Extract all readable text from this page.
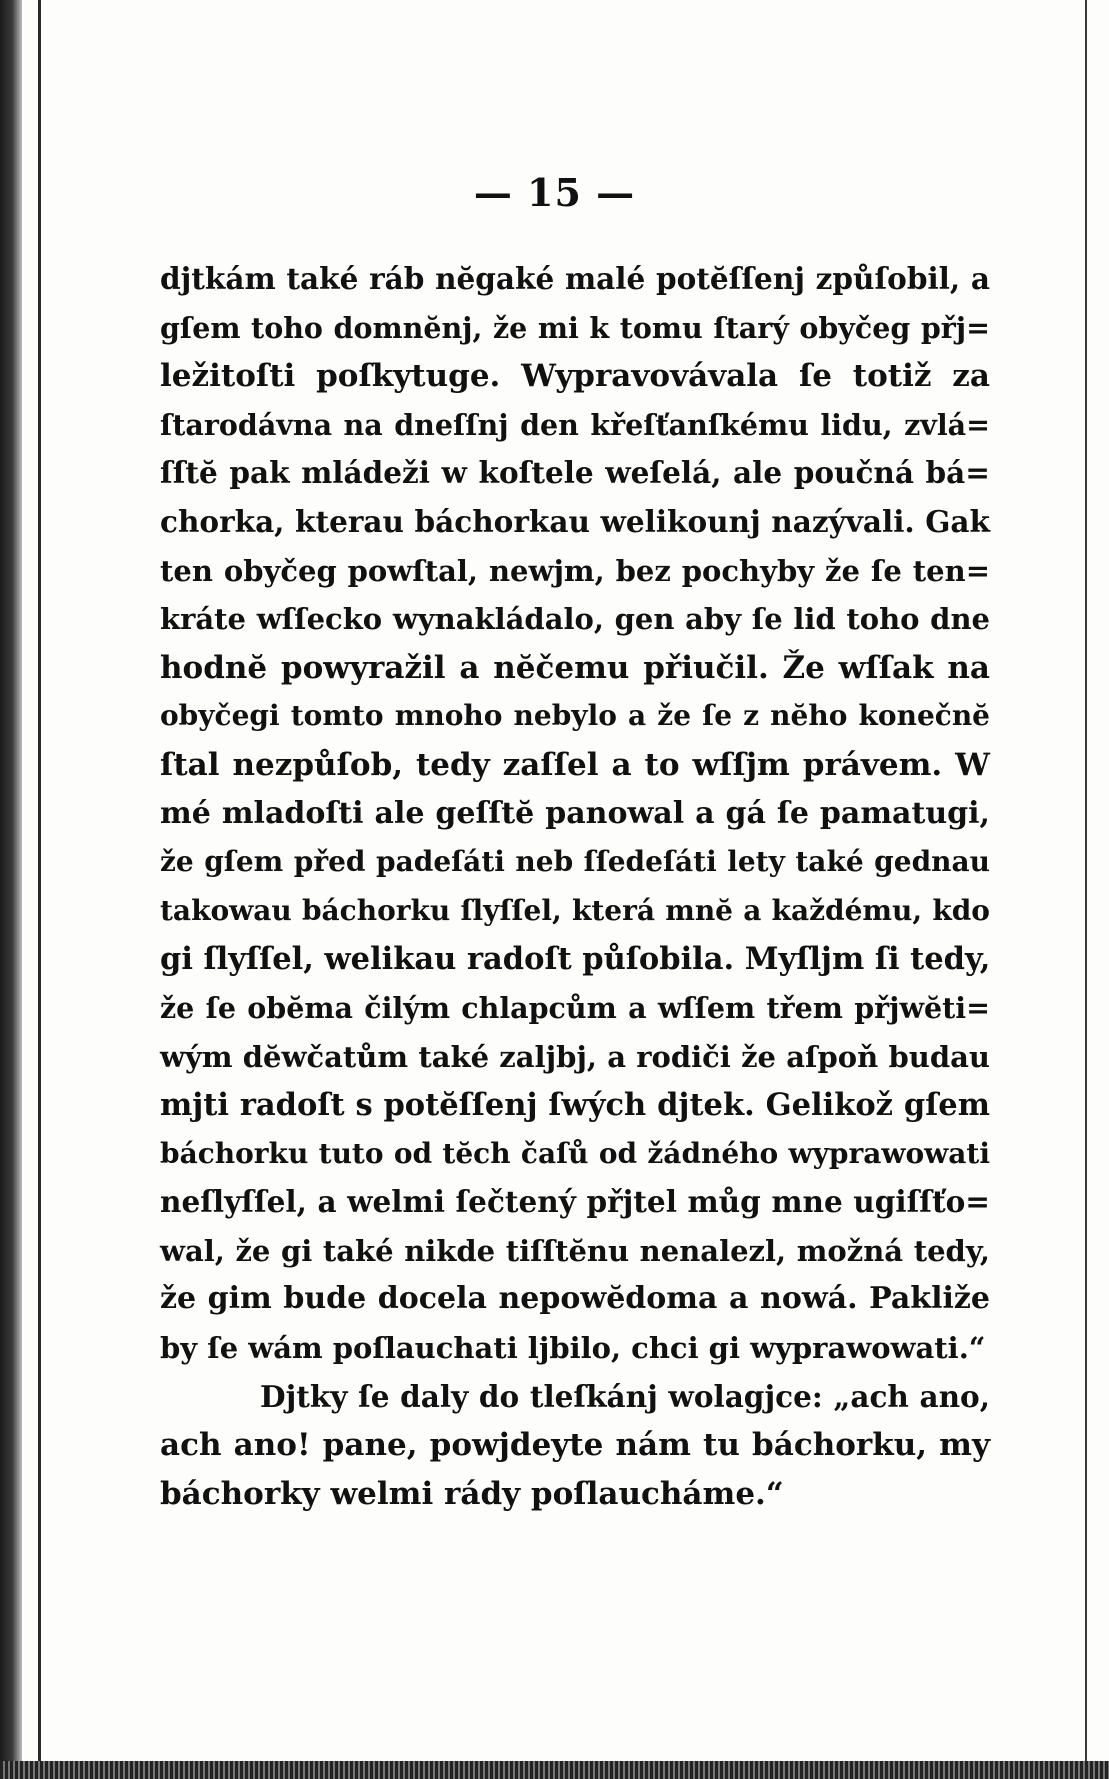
— 15 —
djtkám také ráb nĕgaké malé potĕſſenj způſobil, a
gſem toho domnĕnj, že mi k tomu ſtarý obyčeg přj=
ležitoſti poſkytuge. Wypravovávala ſe totiž za
ſtarodávna na dneſſnj den křeſťanſkému lidu, zvlá=
ſſtĕ pak mládeži w koſtele weſelá, ale poučná bá=
chorka, kterau báchorkau welikounj nazývali. Gak
ten obyčeg powſtal, newjm, bez pochyby že ſe ten=
kráte wſſecko wynakládalo, gen aby ſe lid toho dne
hodnĕ powyražil a nĕčemu přiučil. Že wſſak na
obyčegi tomto mnoho nebylo a že ſe z nĕho konečnĕ
ſtal nezpůſob, tedy zaſſel a to wſſjm právem. W
mé mladoſti ale geſſtĕ panowal a gá ſe pamatugi,
že gſem před padeſáti neb ſſedeſáti lety také gednau
takowau báchorku ſlyſſel, která mnĕ a každému, kdo
gi ſlyſſel, welikau radoſt půſobila. Myſljm ſi tedy,
že ſe obĕma čilým chlapcům a wſſem třem přjwĕti=
wým dĕwčatům také zaljbj, a rodiči že aſpoň budau
mjti radoſt s potĕſſenj ſwých djtek. Gelikož gſem
báchorku tuto od tĕch čaſů od žádného wyprawowati
neſlyſſel, a welmi ſečtený přjtel můg mne ugiſſťo=
wal, že gi také nikde tiſſtĕnu nenalezl, možná tedy,
že gim bude docela nepowĕdoma a nowá. Pakliže
by ſe wám poſlauchati ljbilo, chci gi wyprawowati.“
Djtky ſe daly do tleſkánj wolagjce: „ach ano,
ach ano! pane, powjdeyte nám tu báchorku, my
báchorky welmi rády poſlaucháme.“
